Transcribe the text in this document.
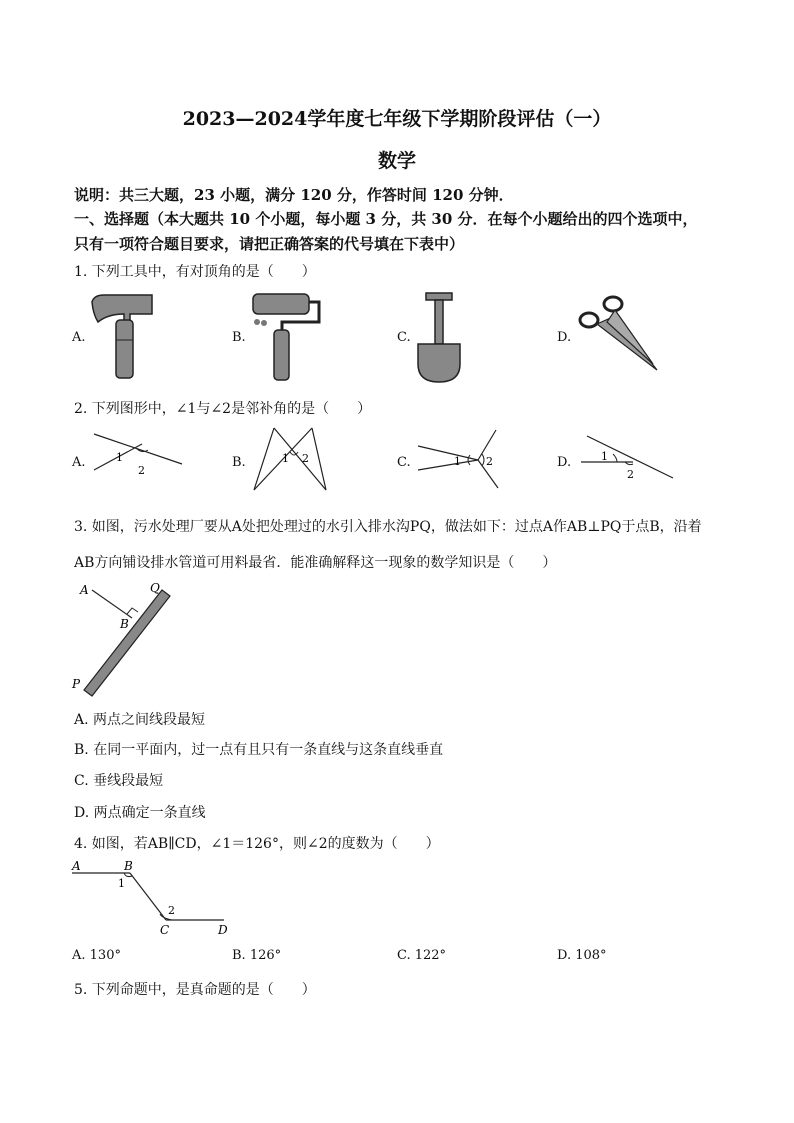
2023—2024学年度七年级下学期阶段评估（一）
数学
说明：共三大题，23 小题，满分 120 分，作答时间 120 分钟．
一、选择题（本大题共 10 个小题，每小题 3 分，共 30 分．在每个小题给出的四个选项中，
只有一项符合题目要求，请把正确答案的代号填在下表中）
1. 下列工具中，有对顶角的是（　　）
A.	B.	C.	D.
2. 下列图形中，∠1与∠2是邻补角的是（　　）
A.	1
2
B.	1 2	C.	1 2	D.	1
2
3. 如图，污水处理厂要从A处把处理过的水引入排水沟PQ，做法如下：过点A作AB⊥PQ于点B，沿着
AB方向铺设排水管道可用料最省．能准确解释这一现象的数学知识是（　　）
A
B
Q
P
A. 两点之间线段最短
B. 在同一平面内，过一点有且只有一条直线与这条直线垂直
C. 垂线段最短
D. 两点确定一条直线
4. 如图，若AB∥CD，∠1＝126°，则∠2的度数为（　　）
A	B
1
2
C	D
A. 130°	B. 126°	C. 122°	D. 108°
5. 下列命题中，是真命题的是（　　）
